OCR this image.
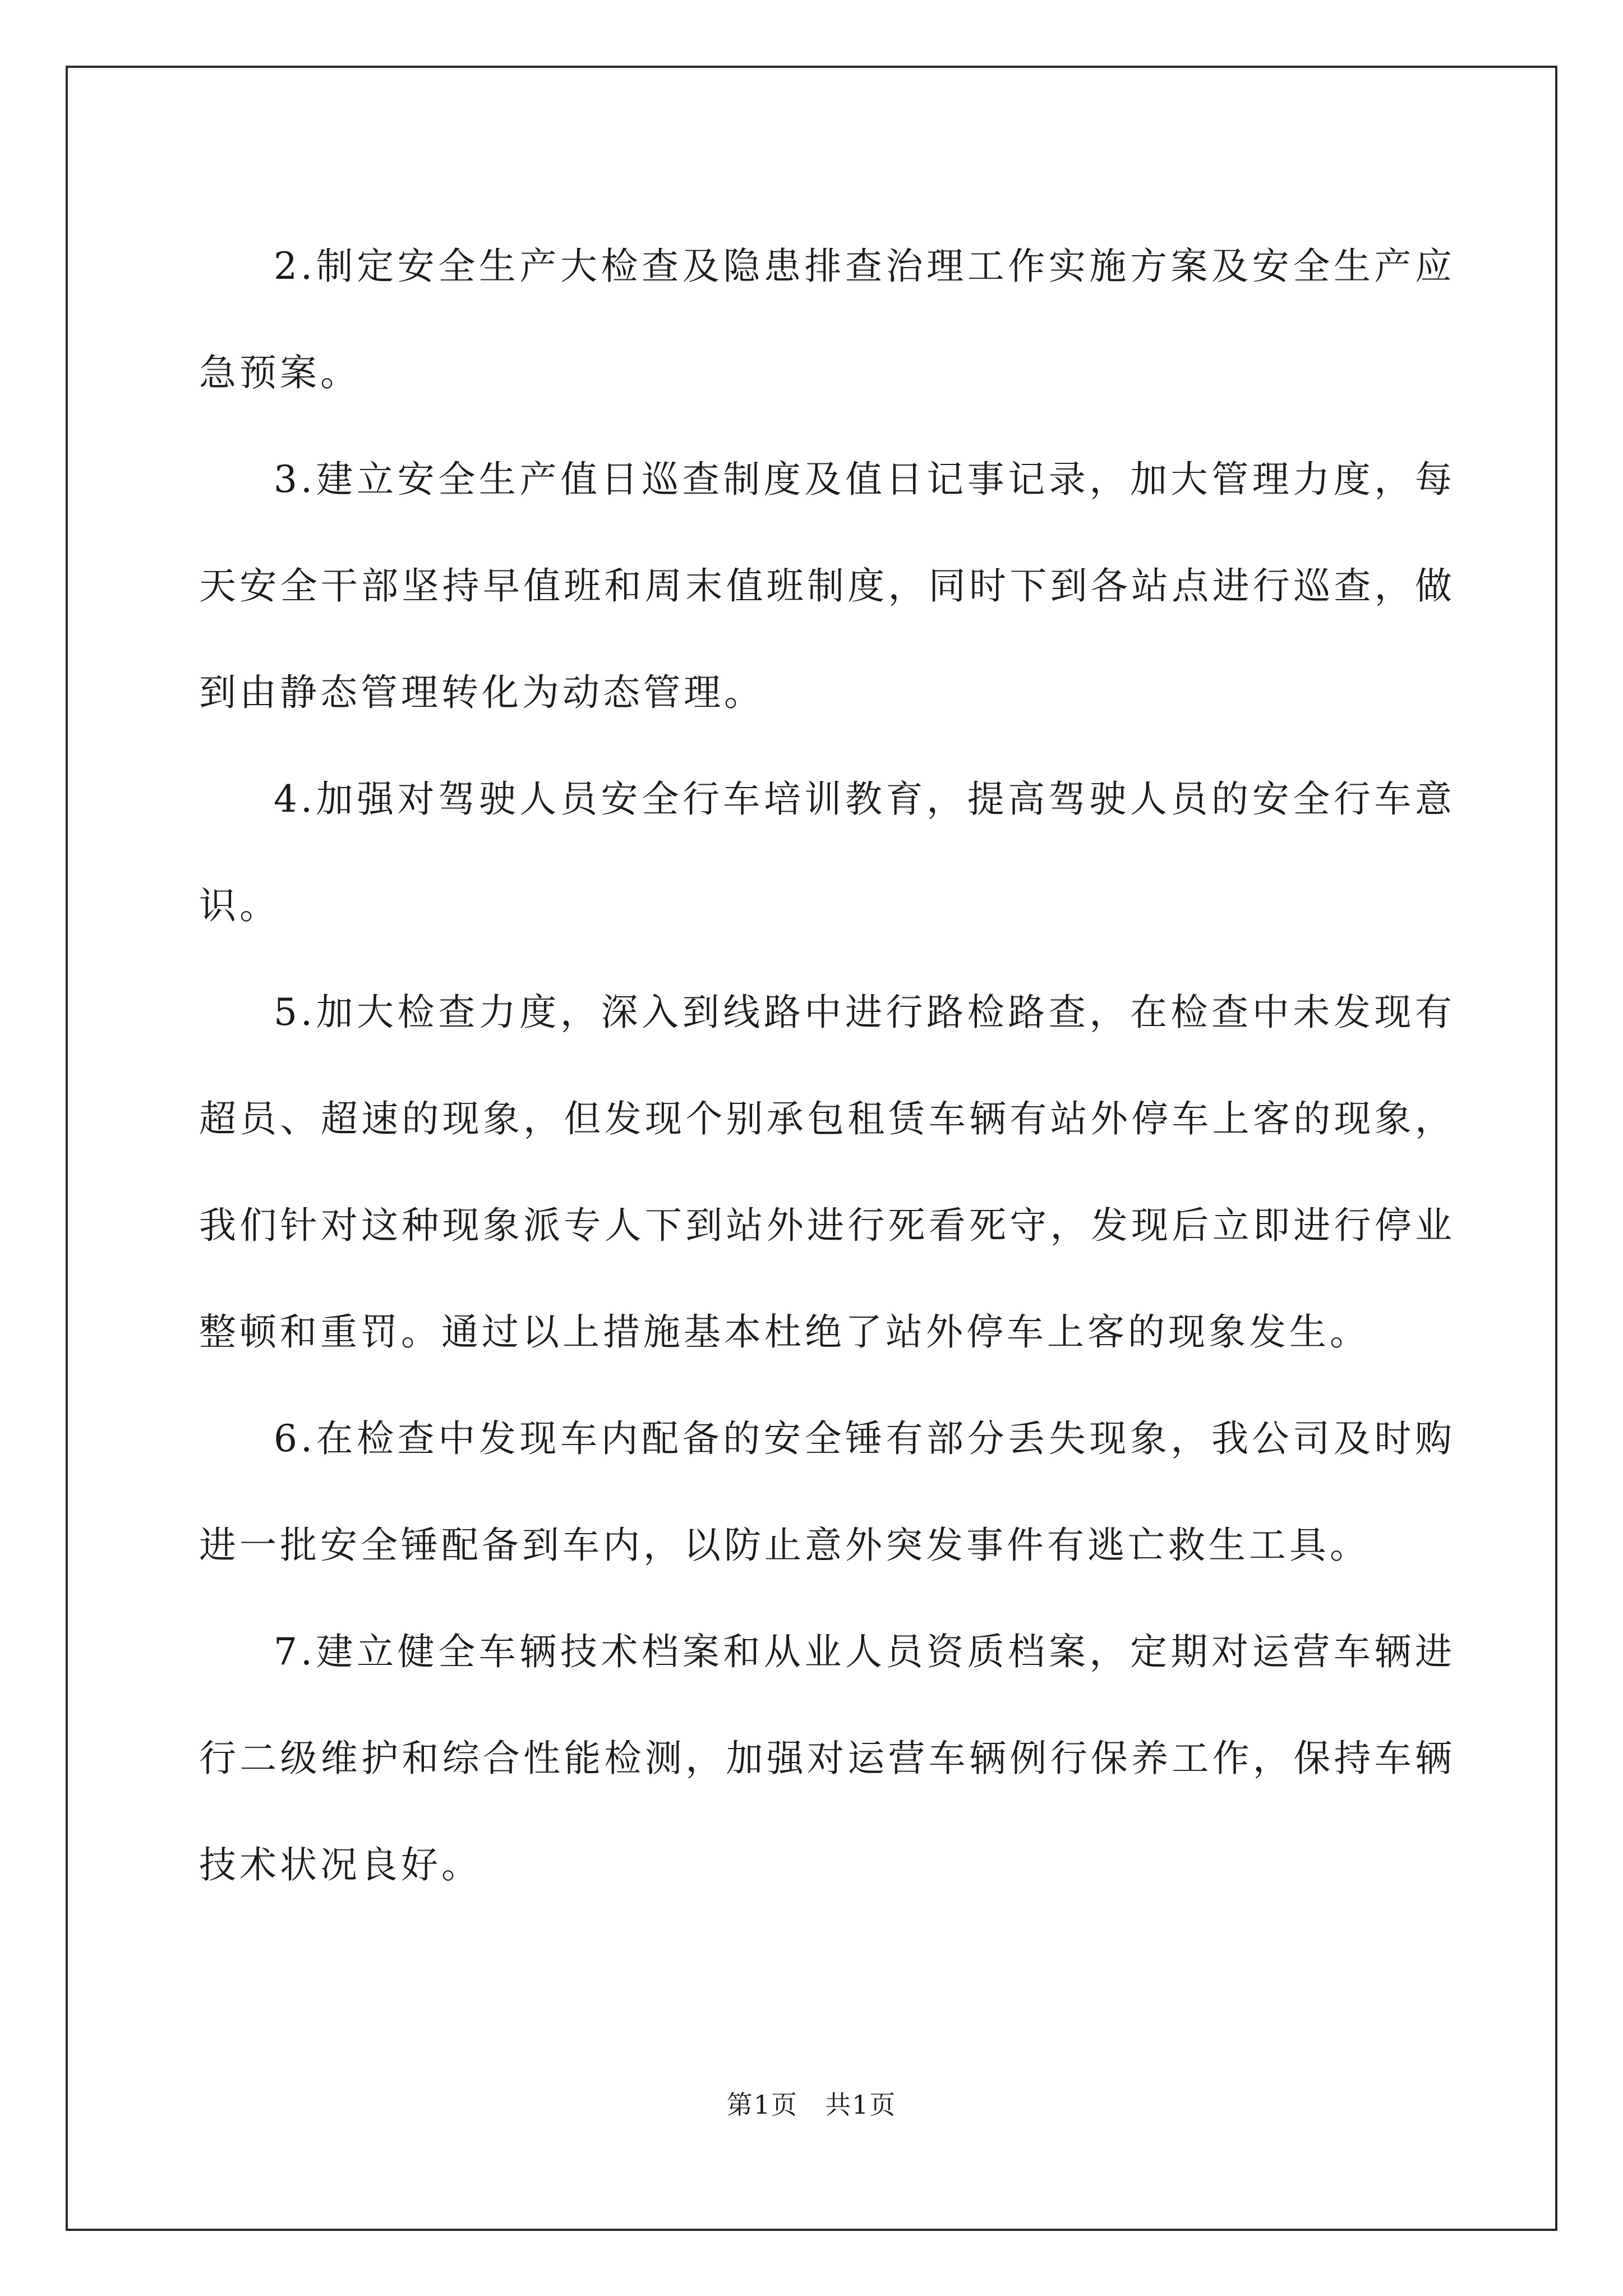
2.制定安全生产大检查及隐患排查治理工作实施方案及安全生产应急预案。

3.建立安全生产值日巡查制度及值日记事记录，加大管理力度，每天安全干部坚持早值班和周末值班制度，同时下到各站点进行巡查，做到由静态管理转化为动态管理。

4.加强对驾驶人员安全行车培训教育，提高驾驶人员的安全行车意识。

5.加大检查力度，深入到线路中进行路检路查，在检查中未发现有超员、超速的现象，但发现个别承包租赁车辆有站外停车上客的现象，我们针对这种现象派专人下到站外进行死看死守，发现后立即进行停业整顿和重罚。通过以上措施基本杜绝了站外停车上客的现象发生。

6.在检查中发现车内配备的安全锤有部分丢失现象，我公司及时购进一批安全锤配备到车内，以防止意外突发事件有逃亡救生工具。

7.建立健全车辆技术档案和从业人员资质档案，定期对运营车辆进行二级维护和综合性能检测，加强对运营车辆例行保养工作，保持车辆技术状况良好。

第1页　共1页
